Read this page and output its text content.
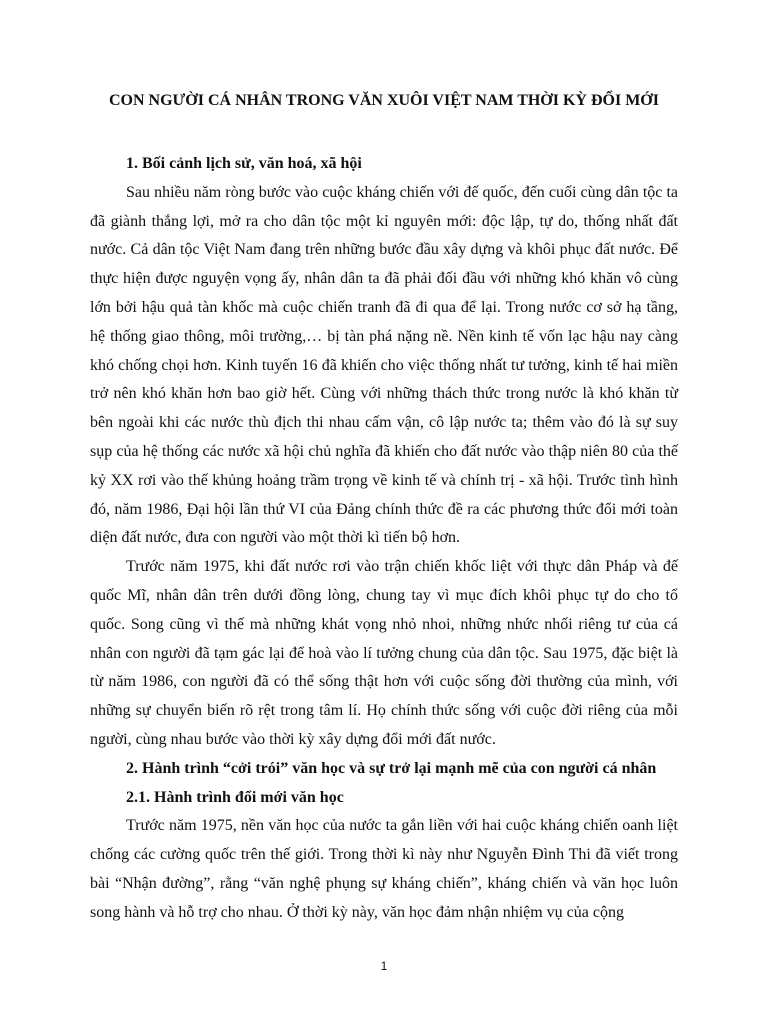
CON NGƯỜI CÁ NHÂN TRONG VĂN XUÔI VIỆT NAM THỜI KỲ ĐỔI MỚI
1. Bối cảnh lịch sử, văn hoá, xã hội

Sau nhiều năm ròng bước vào cuộc kháng chiến với đế quốc, đến cuối cùng dân tộc ta đã giành thắng lợi, mở ra cho dân tộc một kỉ nguyên mới: độc lập, tự do, thống nhất đất nước. Cả dân tộc Việt Nam đang trên những bước đầu xây dựng và khôi phục đất nước. Để thực hiện được nguyện vọng ấy, nhân dân ta đã phải đối đầu với những khó khăn vô cùng lớn bởi hậu quả tàn khốc mà cuộc chiến tranh đã đi qua để lại. Trong nước cơ sở hạ tầng, hệ thống giao thông, môi trường,… bị tàn phá nặng nề. Nền kinh tế vốn lạc hậu nay càng khó chống chọi hơn. Kinh tuyến 16 đã khiến cho việc thống nhất tư tưởng, kinh tế hai miền trở nên khó khăn hơn bao giờ hết. Cùng với những thách thức trong nước là khó khăn từ bên ngoài khi các nước thù địch thi nhau cấm vận, cô lập nước ta; thêm vào đó là sự suy sụp của hệ thống các nước xã hội chủ nghĩa đã khiến cho đất nước vào thập niên 80 của thế kỷ XX rơi vào thế khủng hoảng trầm trọng về kinh tế và chính trị - xã hội. Trước tình hình đó, năm 1986, Đại hội lần thứ VI của Đảng chính thức đề ra các phương thức đổi mới toàn diện đất nước, đưa con người vào một thời kì tiến bộ hơn.

Trước năm 1975, khi đất nước rơi vào trận chiến khốc liệt với thực dân Pháp và đế quốc Mĩ, nhân dân trên dưới đồng lòng, chung tay vì mục đích khôi phục tự do cho tổ quốc. Song cũng vì thế mà những khát vọng nhỏ nhoi, những nhức nhối riêng tư của cá nhân con người đã tạm gác lại để hoà vào lí tưởng chung của dân tộc. Sau 1975, đặc biệt là từ năm 1986, con người đã có thể sống thật hơn với cuộc sống đời thường của mình, với những sự chuyển biến rõ rệt trong tâm lí. Họ chính thức sống với cuộc đời riêng của mỗi người, cùng nhau bước vào thời kỳ xây dựng đổi mới đất nước.

2. Hành trình “cởi trói” văn học và sự trở lại mạnh mẽ của con người cá nhân
2.1. Hành trình đổi mới văn học

Trước năm 1975, nền văn học của nước ta gắn liền với hai cuộc kháng chiến oanh liệt chống các cường quốc trên thế giới. Trong thời kì này như Nguyễn Đình Thi đã viết trong bài “Nhận đường”, rằng “văn nghệ phụng sự kháng chiến”, kháng chiến và văn học luôn song hành và hỗ trợ cho nhau. Ở thời kỳ này, văn học đảm nhận nhiệm vụ của cộng

1
